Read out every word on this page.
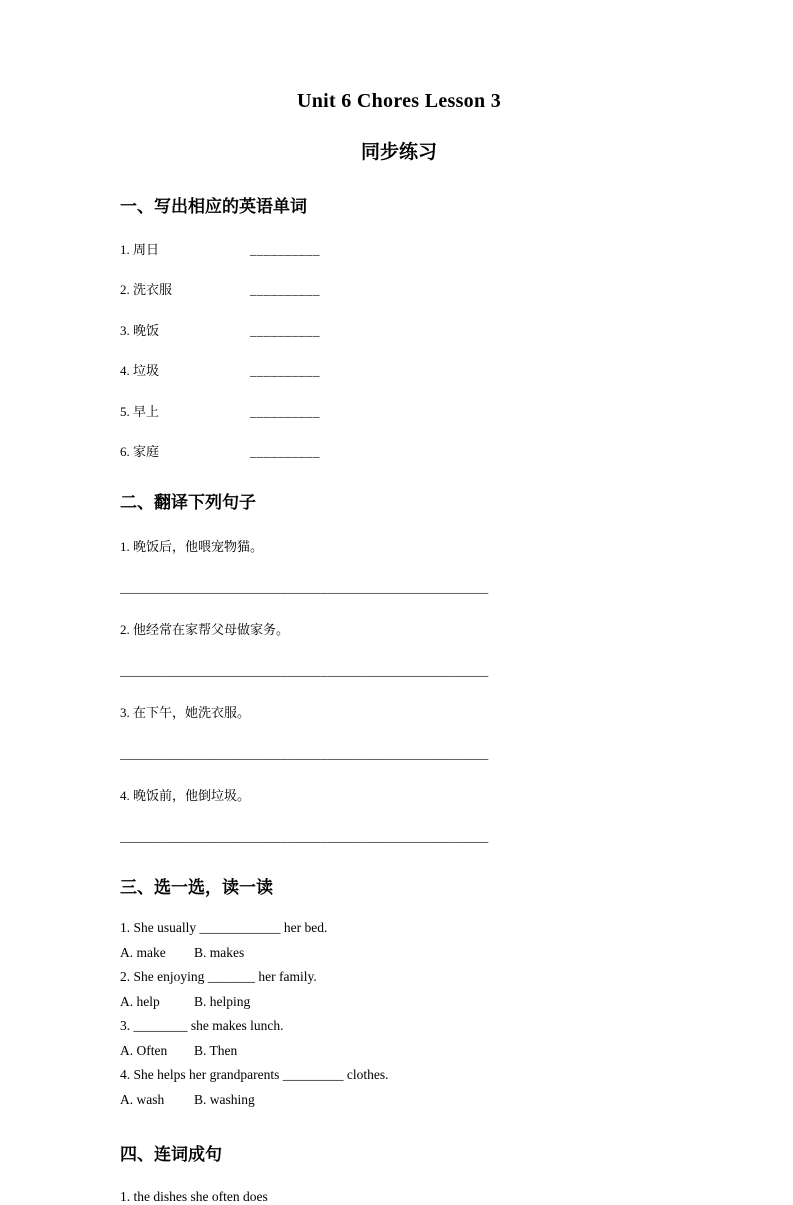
Unit 6 Chores Lesson 3
同步练习
一、写出相应的英语单词
1. 周日	__________
2. 洗衣服	__________
3. 晚饭	__________
4. 垃圾	__________
5. 早上	__________
6. 家庭	__________
二、翻译下列句子

1. 晚饭后，他喂宠物猫。

_______________________________________________________

2. 他经常在家帮父母做家务。

_______________________________________________________

3. 在下午，她洗衣服。

_______________________________________________________

4. 晚饭前，他倒垃圾。

_______________________________________________________

三、选一选，读一读

1. She usually ____________ her bed.

A. make B. makes

2. She enjoying _______ her family.

A. help	B. helping

3. ________ she makes lunch.

A. Often B. Then

4. She helps her grandparents _________ clothes.

A. wash B. washing

四、连词成句

1. the dishes she often does
